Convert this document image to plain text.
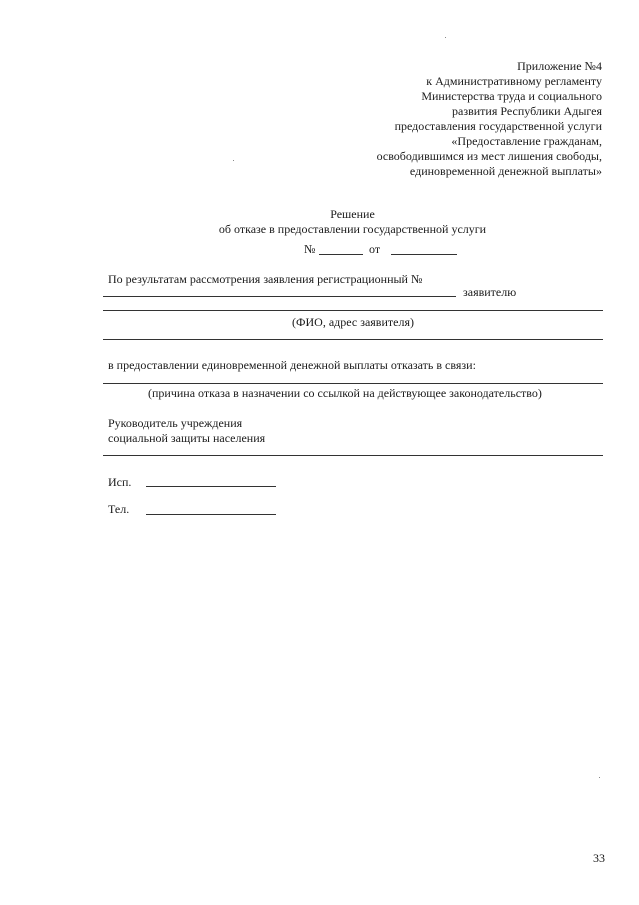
Приложение №4
к Административному регламенту
Министерства труда и социального
развития Республики Адыгея
предоставления государственной услуги
«Предоставление гражданам,
освободившимся из мест лишения свободы,
единовременной денежной выплаты»
Решение
об отказе в предоставлении государственной услуги
№	от
По результатам рассмотрения заявления регистрационный №
заявителю
(ФИО, адрес заявителя)
в предоставлении единовременной денежной выплаты отказать в связи:
(причина отказа в назначении со ссылкой на действующее законодательство)
Руководитель учреждения
социальной защиты населения
Исп.
Тел.
33
